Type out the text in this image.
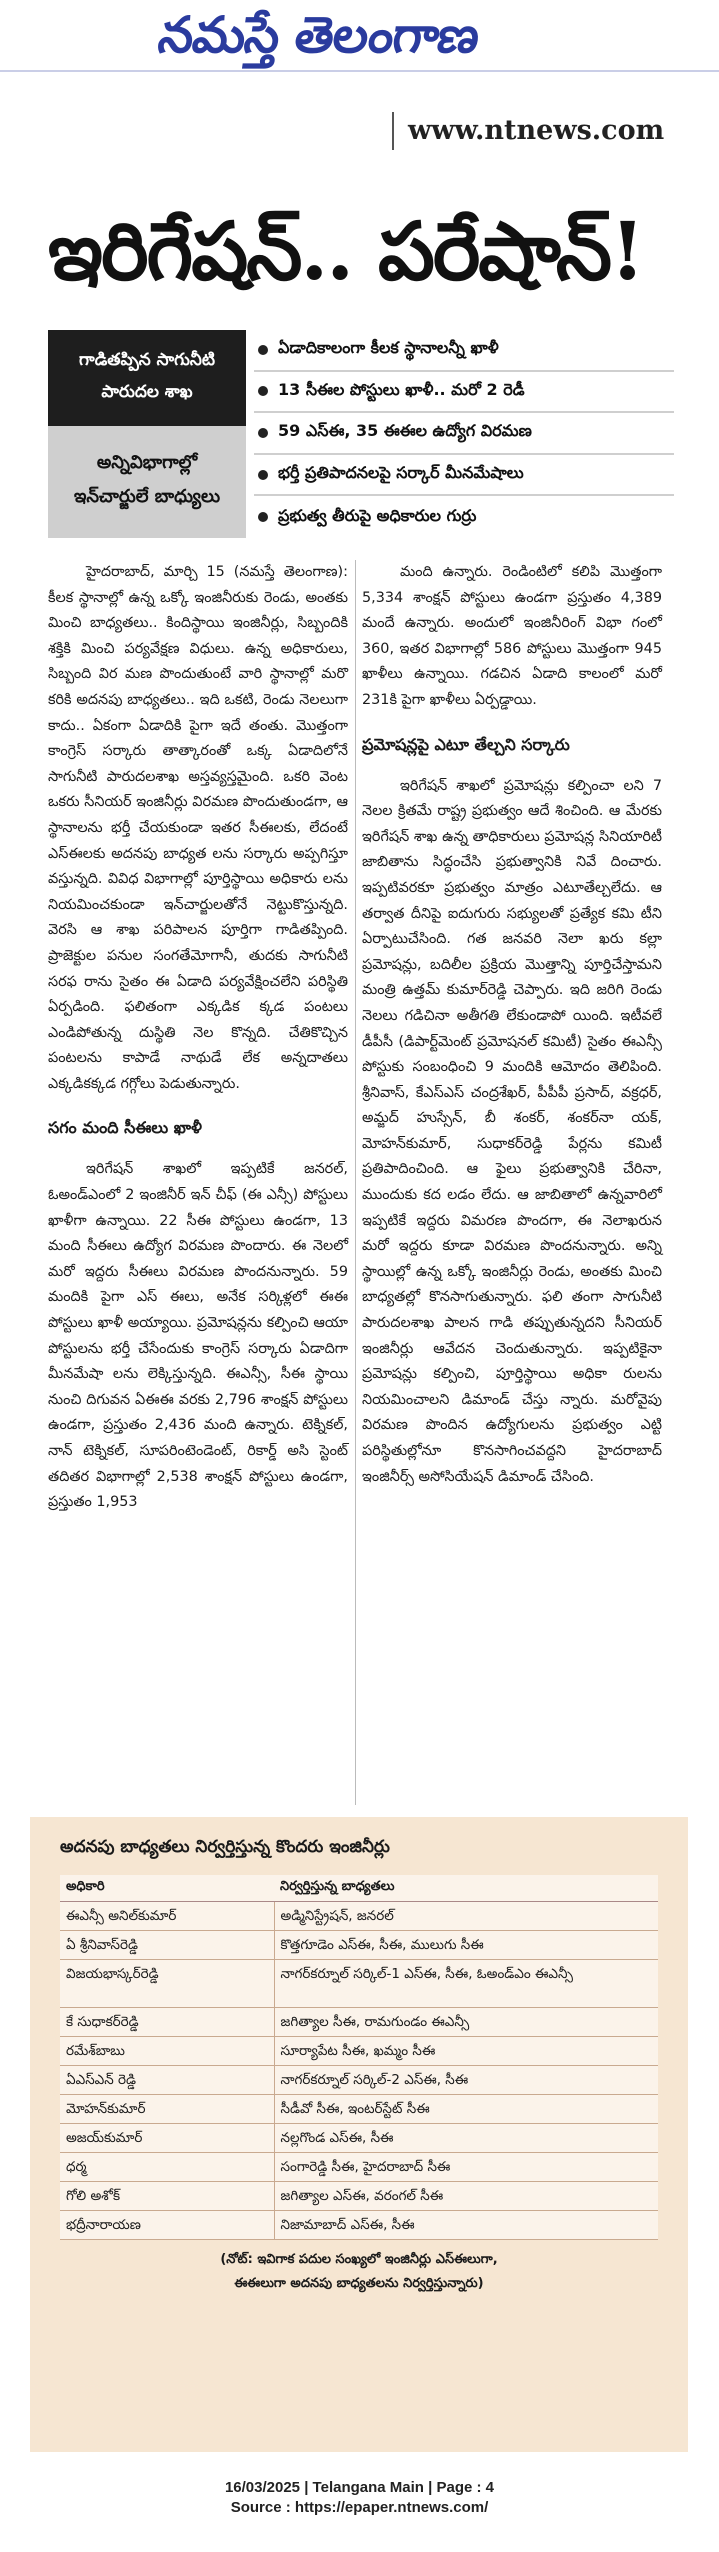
నమస్తే తెలంగాణ
www.ntnews.com
ఇరిగేషన్.. పరేషాన్!
గాడితప్పిన సాగునీటి
పారుదల శాఖ
అన్నివిభాగాల్లో
ఇన్‌చార్జులే బాధ్యులు
ఏడాదికాలంగా కీలక స్థానాలన్నీ ఖాళీ
13 సీఈల పోస్టులు ఖాళీ.. మరో 2 రెడీ
59 ఎస్‌ఈ, 35 ఈఈల ఉద్యోగ విరమణ
భర్తీ ప్రతిపాదనలపై సర్కార్ మీనమేషాలు
ప్రభుత్వ తీరుపై అధికారుల గుర్రు

హైదరాబాద్, మార్చి 15 (నమస్తే తెలంగాణ): కీలక స్థానాల్లో ఉన్న ఒక్కో ఇంజినీరుకు రెండు, అంతకు మించి బాధ్యతలు.. కిందిస్థాయి ఇంజినీర్లు, సిబ్బందికి శక్తికి మించి పర్యవేక్షణ విధులు. ఉన్న అధికారులు, సిబ్బంది విర మణ పొందుతుంటే వారి స్థానాల్లో మరొ కరికి అదనపు బాధ్యతలు.. ఇది ఒకటి, రెండు నెలలుగా కాదు.. ఏకంగా ఏడాదికి పైగా ఇదే తంతు. మొత్తంగా కాంగ్రెస్ సర్కారు తాత్కారంతో ఒక్క ఏడాదిలోనే సాగునీటి పారుదలశాఖ అస్తవ్యస్తమైంది. ఒకరి వెంట ఒకరు సీనియర్ ఇంజినీర్లు విరమణ పొందుతుండగా, ఆ స్థానాలను భర్తీ చేయకుండా ఇతర సీఈలకు, లేదంటే ఎస్‌ఈలకు అదనపు బాధ్యత లను సర్కారు అప్పగిస్తూ వస్తున్నది. వివిధ విభాగాల్లో పూర్తిస్థాయి అధికారు లను నియమించకుండా ఇన్‌చార్జులతోనే నెట్టుకొస్తున్నది. వెరసి ఆ శాఖ పరిపాలన పూర్తిగా గాడితప్పింది. ప్రాజెక్టుల పనుల సంగతేమోగానీ, తుదకు సాగునీటి సరఫ రాను సైతం ఈ ఏడాది పర్యవేక్షించలేని పరిస్థితి ఏర్పడింది. ఫలితంగా ఎక్కడిక క్కడ పంటలు ఎండిపోతున్న దుస్థితి నెల కొన్నది. చేతికొచ్చిన పంటలను కాపాడే నాథుడే లేక అన్నదాతలు ఎక్కడికక్కడ గగ్గోలు పెడుతున్నారు.

సగం మంది సీఈలు ఖాళీ

ఇరిగేషన్ శాఖలో ఇప్పటికే జనరల్, ఓఅండ్‌ఎంలో 2 ఇంజినీర్ ఇన్ చీఫ్ (ఈ ఎన్సీ) పోస్టులు ఖాళీగా ఉన్నాయి. 22 సీఈ పోస్టులు ఉండగా, 13 మంది సీఈలు ఉద్యోగ విరమణ పొందారు. ఈ నెలలో మరో ఇద్దరు సీఈలు విరమణ పొందనున్నారు. 59 మందికి పైగా ఎస్ ఈలు, అనేక సర్కిళ్లలో ఈఈ పోస్టులు ఖాళీ అయ్యాయి. ప్రమోషన్లను కల్పించి ఆయా పోస్టులను భర్తీ చేసేందుకు కాంగ్రెస్ సర్కారు ఏడాదిగా మీనమేషా లను లెక్కిస్తున్నది. ఈఎన్సీ, సీఈ స్థాయి నుంచి దిగువన ఏఈఈ వరకు 2,796 శాంక్షన్ పోస్టులు ఉండగా, ప్రస్తుతం 2,436 మంది ఉన్నారు. టెక్నికల్, నాన్ టెక్నికల్, సూపరింటెండెంట్, రికార్డ్ అసి స్టెంట్ తదితర విభాగాల్లో 2,538 శాంక్షన్ పోస్టులు ఉండగా, ప్రస్తుతం 1,953

మంది ఉన్నారు. రెండింటిలో కలిపి మొత్తంగా 5,334 శాంక్షన్ పోస్టులు ఉండగా ప్రస్తుతం 4,389 మందే ఉన్నారు. అందులో ఇంజినీరింగ్ విభా గంలో 360, ఇతర విభాగాల్లో 586 పోస్టులు మొత్తంగా 945 ఖాళీలు ఉన్నాయి. గడచిన ఏడాది కాలంలో మరో 231కి పైగా ఖాళీలు ఏర్పడ్డాయి.

ప్రమోషన్లపై ఎటూ తేల్చని సర్కారు

ఇరిగేషన్ శాఖలో ప్రమోషన్లు కల్పించా లని 7 నెలల క్రితమే రాష్ట్ర ప్రభుత్వం ఆదే శించింది. ఆ మేరకు ఇరిగేషన్ శాఖ ఉన్న తాధికారులు ప్రమోషన్ల సినియారిటీ జాబితాను సిద్ధంచేసి ప్రభుత్వానికి నివే దించారు. ఇప్పటివరకూ ప్రభుత్వం మాత్రం ఎటూతేల్చలేదు. ఆ తర్వాత దీనిపై ఐదుగురు సభ్యులతో ప్రత్యేక కమి టీని ఏర్పాటుచేసింది. గత జనవరి నెలా ఖరు కల్లా ప్రమోషన్లు, బదిలీల ప్రక్రియ మొత్తాన్ని పూర్తిచేస్తామని మంత్రి ఉత్తమ్ కుమార్‌రెడ్డి చెప్పారు. ఇది జరిగి రెండు నెలలు గడిచినా అతీగతి లేకుండాపో యింది. ఇటీవలే డీపీసీ (డిపార్ట్‌మెంట్ ప్రమోషనల్ కమిటీ) సైతం ఈఎన్సీ పోస్టుకు సంబంధించి 9 మందికి ఆమోదం తెలిపింది. శ్రీనివాస్, కేఎస్‌ఎస్ చంద్రశేఖర్, పీపీపీ ప్రసాద్, వక్రధర్, అమ్జద్ హుస్సేన్, బీ శంకర్, శంకర్‌నా యక్, మోహన్‌కుమార్, సుధాకర్‌రెడ్డి పేర్లను కమిటీ ప్రతిపాదించింది. ఆ ఫైలు ప్రభుత్వానికి చేరినా, ముందుకు కద లడం లేదు. ఆ జాబితాలో ఉన్నవారిలో ఇప్పటికే ఇద్దరు విమరణ పొందగా, ఈ నెలాఖరున మరో ఇద్దరు కూడా విరమణ పొందనున్నారు. అన్ని స్థాయిల్లో ఉన్న ఒక్కో ఇంజినీర్లు రెండు, అంతకు మించి బాధ్యతల్లో కొనసాగుతున్నారు. ఫలి తంగా సాగునీటి పారుదలశాఖ పాలన గాడి తప్పుతున్నదని సీనియర్ ఇంజినీర్లు ఆవేదన చెందుతున్నారు. ఇప్పటికైనా ప్రమోషన్లు కల్పించి, పూర్తిస్థాయి అధికా రులను నియమించాలని డిమాండ్ చేస్తు న్నారు. మరోవైపు విరమణ పొందిన ఉద్యోగులను ప్రభుత్వం ఎట్టి పరిస్థితుల్లోనూ కొనసాగించవద్దని హైదరాబాద్ ఇంజినీర్స్ అసోసియేషన్ డిమాండ్ చేసింది.

అదనపు బాధ్యతలు నిర్వర్తిస్తున్న కొందరు ఇంజినీర్లు
అధికారి	నిర్వర్తిస్తున్న బాధ్యతలు
ఈఎన్సీ అనిల్‌కుమార్	అడ్మినిస్ట్రేషన్, జనరల్
ఏ శ్రీనివాస్‌రెడ్డి	కొత్తగూడెం ఎస్‌ఈ, సీఈ, ములుగు సీఈ
విజయభాస్కర్‌రెడ్డి	నాగర్‌కర్నూల్ సర్కిల్-1 ఎస్‌ఈ, సీఈ, ఓఅండ్‌ఎం ఈఎన్సీ
కే సుధాకర్‌రెడ్డి	జగిత్యాల సీఈ, రామగుండం ఈఎన్సీ
రమేశ్‌బాబు	సూర్యాపేట సీఈ, ఖమ్మం సీఈ
ఏఎస్‌ఎన్ రెడ్డి	నాగర్‌కర్నూల్ సర్కిల్-2 ఎస్‌ఈ, సీఈ
మోహన్‌కుమార్	సీడీవో సీఈ, ఇంటర్‌స్టేట్ సీఈ
అజయ్‌కుమార్	నల్లగొండ ఎస్‌ఈ, సీఈ
ధర్మ	సంగారెడ్డి సీఈ, హైదరాబాద్ సీఈ
గోలి అశోక్	జగిత్యాల ఎస్‌ఈ, వరంగల్ సీఈ
భద్రీనారాయణ	నిజామాబాద్ ఎస్‌ఈ, సీఈ
(నోట్: ఇవిగాక పదుల సంఖ్యలో ఇంజినీర్లు ఎస్‌ఈలుగా,
ఈఈలుగా అదనపు బాధ్యతలను నిర్వర్తిస్తున్నారు)
16/03/2025 | Telangana Main | Page : 4
Source : https://epaper.ntnews.com/
